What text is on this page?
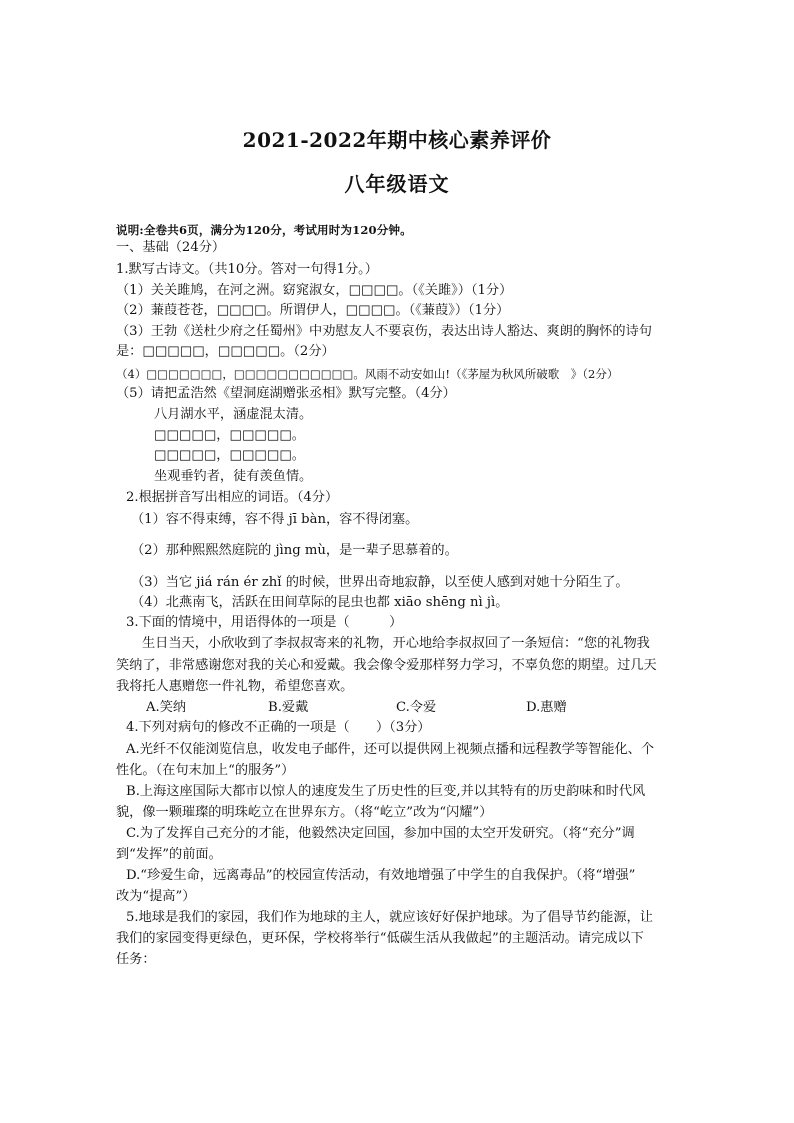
2021-2022年期中核心素养评价
八年级语文
说明:全卷共6页，满分为120分，考试用时为120分钟。
一、基础（24分）
1.默写古诗文。（共10分。答对一句得1分。）
（1）关关雎鸠，在河之洲。窈窕淑女，□□□□。（《关雎》）（1分）
（2）蒹葭苍苍，□□□□。所谓伊人，□□□□。（《蒹葭》）（1分）
（3）王勃《送杜少府之任蜀州》中劝慰友人不要哀伤，表达出诗人豁达、爽朗的胸怀的诗句
是：□□□□□，□□□□□。（2分）
（4）□□□□□□□，□□□□□□□□□□□。风雨不动安如山!（《茅屋为秋风所破歌　》（2分）
（5）请把孟浩然《望洞庭湖赠张丞相》默写完整。（4分）
八月湖水平，涵虚混太清。
□□□□□，□□□□□。
□□□□□，□□□□□。
坐观垂钓者，徒有羡鱼情。
2.根据拼音写出相应的词语。（4分）
（1）容不得束缚，容不得 jī bàn，容不得闭塞。
（2）那种熙熙然庭院的 jìng mù，是一辈子思慕着的。
（3）当它 jiá rán ér zhǐ 的时候，世界出奇地寂静，以至使人感到对她十分陌生了。
（4）北燕南飞，活跃在田间草际的昆虫也都 xiāo shēng nì jì。
3.下面的情境中，用语得体的一项是（　　　）
生日当天，小欣收到了李叔叔寄来的礼物，开心地给李叔叔回了一条短信：“您的礼物我
笑纳了，非常感谢您对我的关心和爱戴。我会像令爱那样努力学习，不辜负您的期望。过几天
我将托人惠赠您一件礼物，希望您喜欢。
A.笑纳	B.爱戴	C.令爱	D.惠赠
4.下列对病句的修改不正确的一项是（　　）（3分）
A.光纤不仅能浏览信息，收发电子邮件，还可以提供网上视频点播和远程教学等智能化、个
性化。（在句末加上“的服务”）
B.上海这座国际大都市以惊人的速度发生了历史性的巨变,并以其特有的历史韵味和时代风
貌，像一颗璀璨的明珠屹立在世界东方。（将“屹立”改为“闪耀”）
C.为了发挥自己充分的才能，他毅然决定回国，参加中国的太空开发研究。（将“充分”调
到“发挥”的前面。
D.“珍爱生命，远离毒品”的校园宣传活动，有效地增强了中学生的自我保护。（将“增强”
改为“提高”）
5.地球是我们的家园，我们作为地球的主人，就应该好好保护地球。为了倡导节约能源，让
我们的家园变得更绿色，更环保，学校将举行“低碳生活从我做起”的主题活动。请完成以下
任务：
